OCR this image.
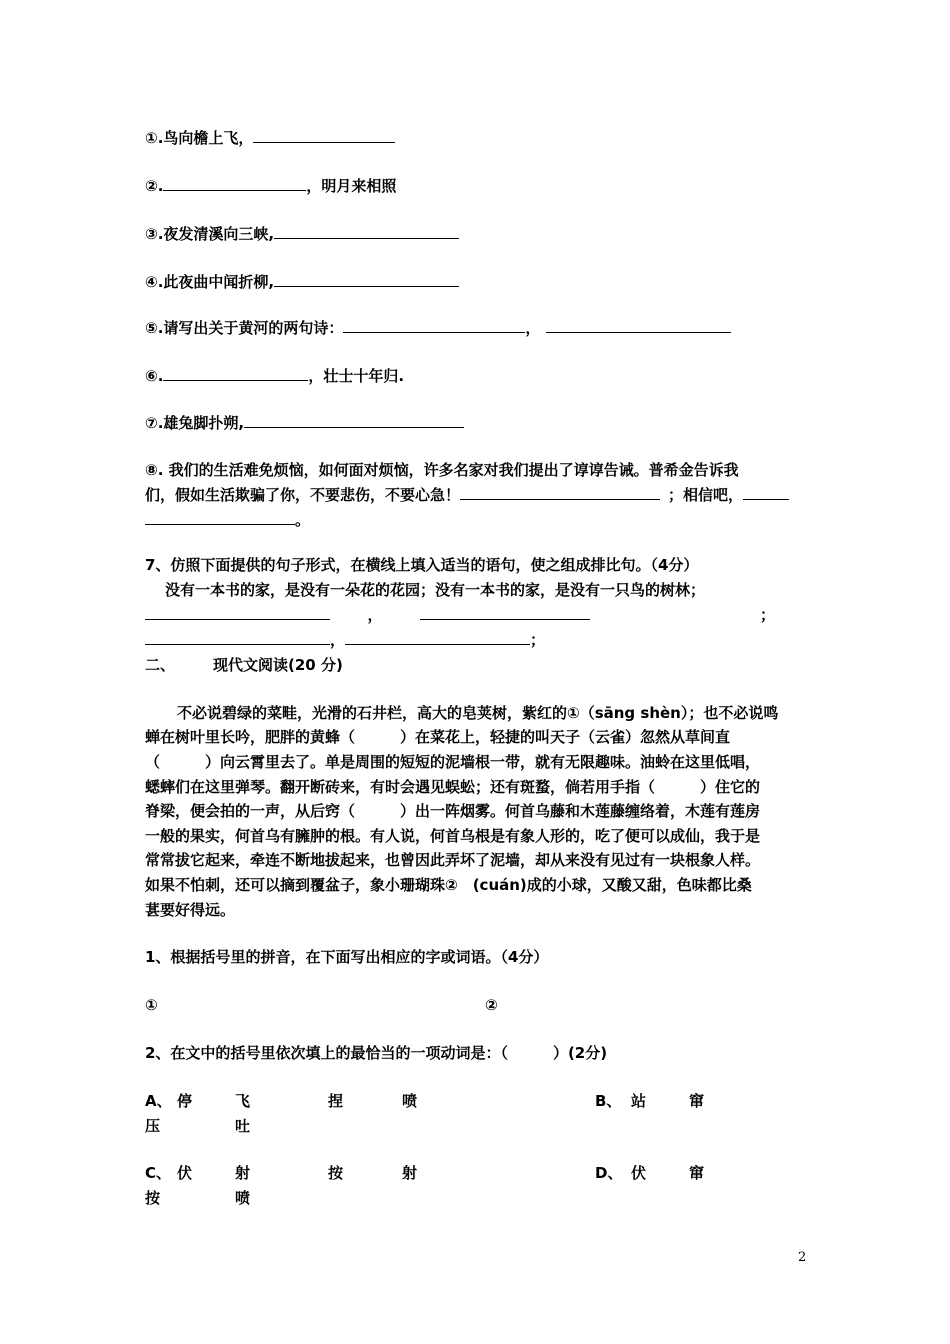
①.鸟向檐上飞，
②.	，明月来相照
③.夜发清溪向三峡,
④.此夜曲中闻折柳,
⑤.请写出关于黄河的两句诗：	，
⑥.	，壮士十年归.
⑦.雄兔脚扑朔,
⑧. 我们的生活难免烦恼，如何面对烦恼，许多名家对我们提出了谆谆告诫。普希金告诉我
们，假如生活欺骗了你，不要悲伤，不要心急！	；相信吧，
。
7、仿照下面提供的句子形式，在横线上填入适当的语句，使之组成排比句。（4分）
没有一本书的家，是没有一朵花的花园；没有一本书的家，是没有一只鸟的树林；
，	；
，	；
二、	现代文阅读(20 分)
不必说碧绿的菜畦，光滑的石井栏，高大的皂荚树，紫红的①（sāng shèn）；也不必说鸣
蝉在树叶里长吟，肥胖的黄蜂（　　　）在菜花上，轻捷的叫天子（云雀）忽然从草间直
（　　　）向云霄里去了。单是周围的短短的泥墙根一带，就有无限趣味。油蛉在这里低唱，
蟋蟀们在这里弹琴。翻开断砖来，有时会遇见蜈蚣；还有斑蝥，倘若用手指（　　　）住它的
脊梁，便会拍的一声，从后窍（　　　）出一阵烟雾。何首乌藤和木莲藤缠络着，木莲有莲房
一般的果实，何首乌有臃肿的根。有人说，何首乌根是有象人形的，吃了便可以成仙，我于是
常常拔它起来，牵连不断地拔起来，也曾因此弄坏了泥墙，却从来没有见过有一块根象人样。
如果不怕刺，还可以摘到覆盆子，象小珊瑚珠②　(cuán)成的小球，又酸又甜，色味都比桑
葚要好得远。
1、根据括号里的拼音，在下面写出相应的字或词语。（4分）
①	②
2、在文中的括号里依次填上的最恰当的一项动词是：（　　　）(2分)
A、 停	飞	捏	喷	B、 站	窜
压	吐
C、 伏	射	按	射	D、 伏	窜
按	喷
2
